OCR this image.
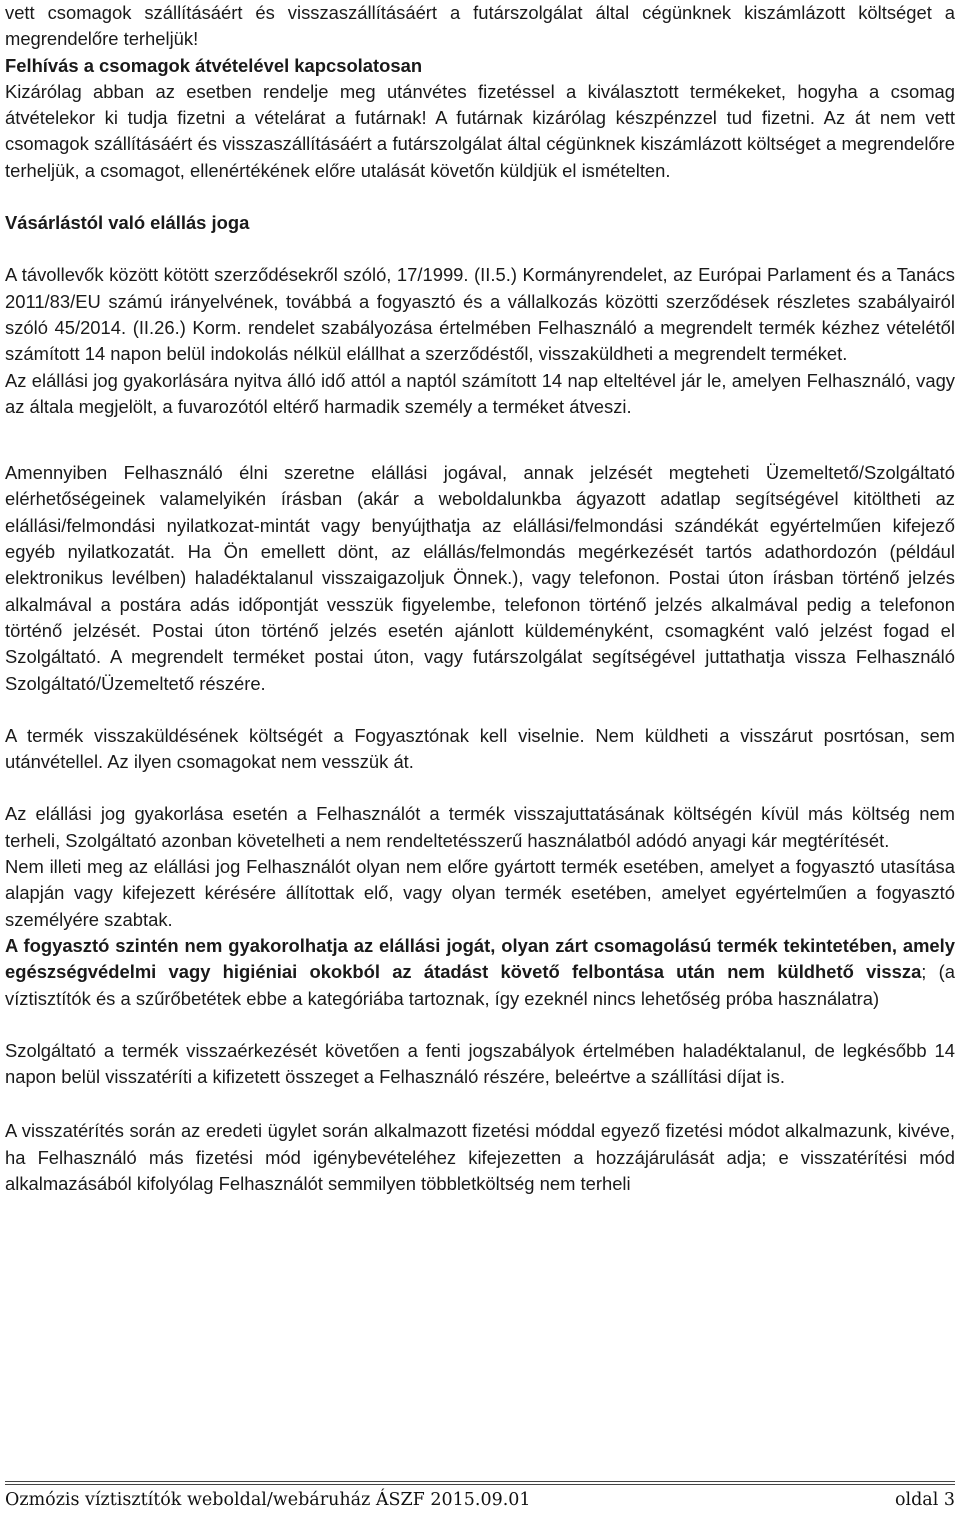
vett csomagok szállításáért és visszaszállításáért a futárszolgálat által cégünknek kiszámlázott költséget a megrendelőre terheljük!

Felhívás a csomagok átvételével kapcsolatosan

Kizárólag abban az esetben rendelje meg utánvétes fizetéssel a kiválasztott termékeket, hogyha a csomag átvételekor ki tudja fizetni a vételárat a futárnak! A futárnak kizárólag készpénzzel tud fizetni. Az át nem vett csomagok szállításáért és visszaszállításáért a futárszolgálat által cégünknek kiszámlázott költséget a megrendelőre terheljük, a csomagot, ellenértékének előre utalását követőn küldjük el ismételten.

Vásárlástól való elállás joga

A távollevők között kötött szerződésekről szóló, 17/1999. (II.5.) Kormányrendelet, az Európai Parlament és a Tanács 2011/83/EU számú irányelvének, továbbá a fogyasztó és a vállalkozás közötti szerződések részletes szabályairól szóló 45/2014. (II.26.) Korm. rendelet szabályozása értelmében Felhasználó a megrendelt termék kézhez vételétől számított 14 napon belül indokolás nélkül elállhat a szerződéstől, visszaküldheti a megrendelt terméket.

Az elállási jog gyakorlására nyitva álló idő attól a naptól számított 14 nap elteltével jár le, amelyen Felhasználó, vagy az általa megjelölt, a fuvarozótól eltérő harmadik személy a terméket átveszi.

Amennyiben Felhasználó élni szeretne elállási jogával, annak jelzését megteheti Üzemeltető/Szolgáltató elérhetőségeinek valamelyikén írásban (akár a weboldalunkba ágyazott adatlap segítségével kitöltheti az elállási/felmondási nyilatkozat-mintát vagy benyújthatja az elállási/felmondási szándékát egyértelműen kifejező egyéb nyilatkozatát. Ha Ön emellett dönt, az elállás/felmondás megérkezését tartós adathordozón (például elektronikus levélben) haladéktalanul visszaigazoljuk Önnek.), vagy telefonon. Postai úton írásban történő jelzés alkalmával a postára adás időpontját vesszük figyelembe, telefonon történő jelzés alkalmával pedig a telefonon történő jelzését. Postai úton történő jelzés esetén ajánlott küldeményként, csomagként való jelzést fogad el Szolgáltató. A megrendelt terméket postai úton, vagy futárszolgálat segítségével juttathatja vissza Felhasználó Szolgáltató/Üzemeltető részére.

A termék visszaküldésének költségét a Fogyasztónak kell viselnie. Nem küldheti a visszárut posrtósan, sem utánvétellel. Az ilyen csomagokat nem vesszük át.

Az elállási jog gyakorlása esetén a Felhasználót a termék visszajuttatásának költségén kívül más költség nem terheli, Szolgáltató azonban követelheti a nem rendeltetésszerű használatból adódó anyagi kár megtérítését.

Nem illeti meg az elállási jog Felhasználót olyan nem előre gyártott termék esetében, amelyet a fogyasztó utasítása alapján vagy kifejezett kérésére állítottak elő, vagy olyan termék esetében, amelyet egyértelműen a fogyasztó személyére szabtak.

A fogyasztó szintén nem gyakorolhatja az elállási jogát, olyan zárt csomagolású termék tekintetében, amely egészségvédelmi vagy higiéniai okokból az átadást követő felbontása után nem küldhető vissza; (a víztisztítók és a szűrőbetétek ebbe a kategóriába tartoznak, így ezeknél nincs lehetőség próba használatra)

Szolgáltató a termék visszaérkezését követően a fenti jogszabályok értelmében haladéktalanul, de legkésőbb 14 napon belül visszatéríti a kifizetett összeget a Felhasználó részére, beleértve a szállítási díjat is.

A visszatérítés során az eredeti ügylet során alkalmazott fizetési móddal egyező fizetési módot alkalmazunk, kivéve, ha Felhasználó más fizetési mód igénybevételéhez kifejezetten a hozzájárulását adja; e visszatérítési mód alkalmazásából kifolyólag Felhasználót semmilyen többletköltség nem terheli

Ozmózis víztisztítók weboldal/webáruház ÁSZF 2015.09.01	oldal 3
